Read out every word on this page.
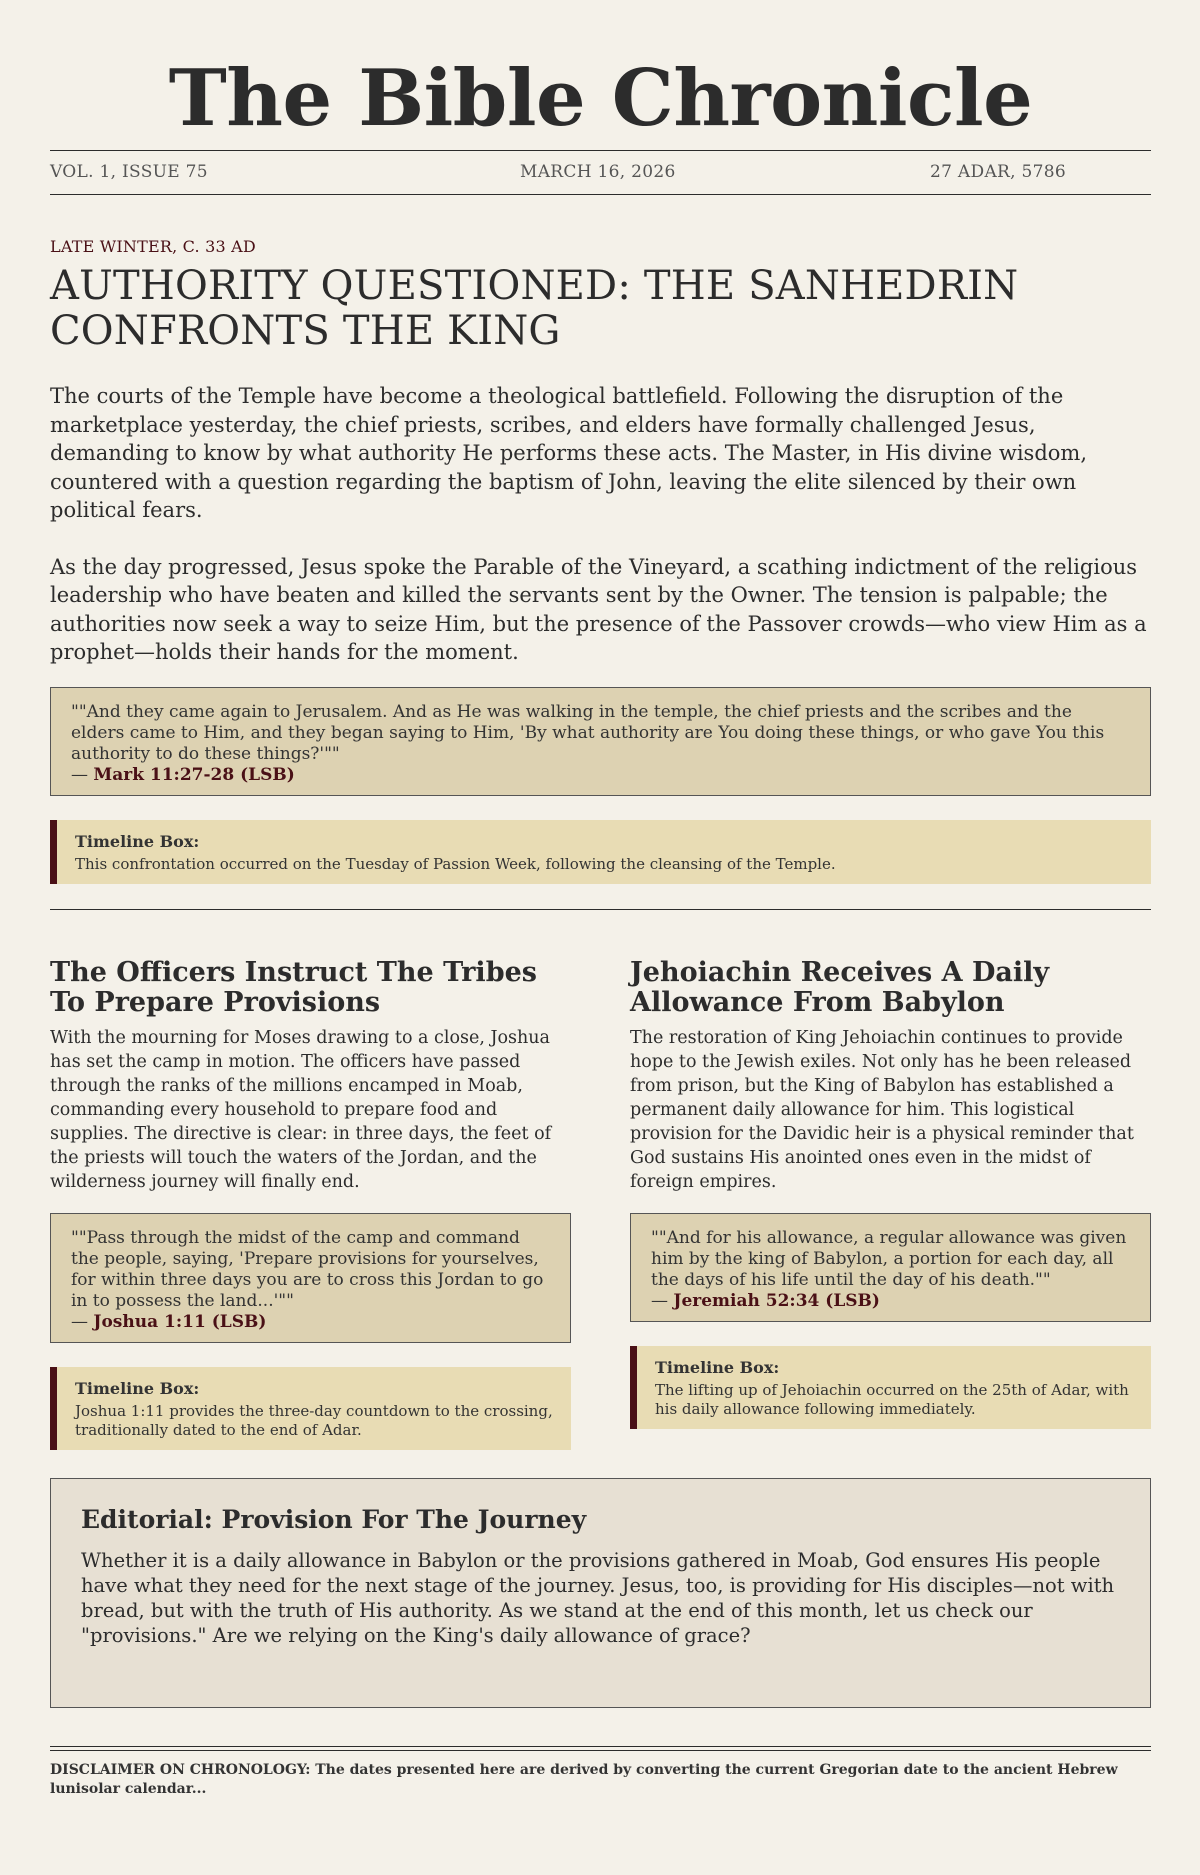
The Bible Chronicle
VOL. 1, ISSUE 75	MARCH 16, 2026	27 ADAR, 5786
LATE WINTER, C. 33 AD
AUTHORITY QUESTIONED: THE SANHEDRIN CONFRONTS THE KING

The courts of the Temple have become a theological battlefield. Following the disruption of the marketplace yesterday, the chief priests, scribes, and elders have formally challenged Jesus, demanding to know by what authority He performs these acts. The Master, in His divine wisdom, countered with a question regarding the baptism of John, leaving the elite silenced by their own political fears.

As the day progressed, Jesus spoke the Parable of the Vineyard, a scathing indictment of the religious leadership who have beaten and killed the servants sent by the Owner. The tension is palpable; the authorities now seek a way to seize Him, but the presence of the Passover crowds—who view Him as a prophet—holds their hands for the moment.

""And they came again to Jerusalem. And as He was walking in the temple, the chief priests and the scribes and the elders came to Him, and they began saying to Him, 'By what authority are You doing these things, or who gave You this authority to do these things?'""
— Mark 11:27-28 (LSB)
Timeline Box:
This confrontation occurred on the Tuesday of Passion Week, following the cleansing of the Temple.
The Officers Instruct The Tribes To Prepare Provisions

With the mourning for Moses drawing to a close, Joshua has set the camp in motion. The officers have passed through the ranks of the millions encamped in Moab, commanding every household to prepare food and supplies. The directive is clear: in three days, the feet of the priests will touch the waters of the Jordan, and the wilderness journey will finally end.

""Pass through the midst of the camp and command the people, saying, 'Prepare provisions for yourselves, for within three days you are to cross this Jordan to go in to possess the land...'""
— Joshua 1:11 (LSB)
Timeline Box:
Joshua 1:11 provides the three-day countdown to the crossing, traditionally dated to the end of Adar.
Jehoiachin Receives A Daily Allowance From Babylon

The restoration of King Jehoiachin continues to provide hope to the Jewish exiles. Not only has he been released from prison, but the King of Babylon has established a permanent daily allowance for him. This logistical provision for the Davidic heir is a physical reminder that God sustains His anointed ones even in the midst of foreign empires.

""And for his allowance, a regular allowance was given him by the king of Babylon, a portion for each day, all the days of his life until the day of his death.""
— Jeremiah 52:34 (LSB)
Timeline Box:
The lifting up of Jehoiachin occurred on the 25th of Adar, with his daily allowance following immediately.
Editorial: Provision For The Journey

Whether it is a daily allowance in Babylon or the provisions gathered in Moab, God ensures His people have what they need for the next stage of the journey. Jesus, too, is providing for His disciples—not with bread, but with the truth of His authority. As we stand at the end of this month, let us check our "provisions." Are we relying on the King's daily allowance of grace?

DISCLAIMER ON CHRONOLOGY: The dates presented here are derived by converting the current Gregorian date to the ancient Hebrew lunisolar calendar...
